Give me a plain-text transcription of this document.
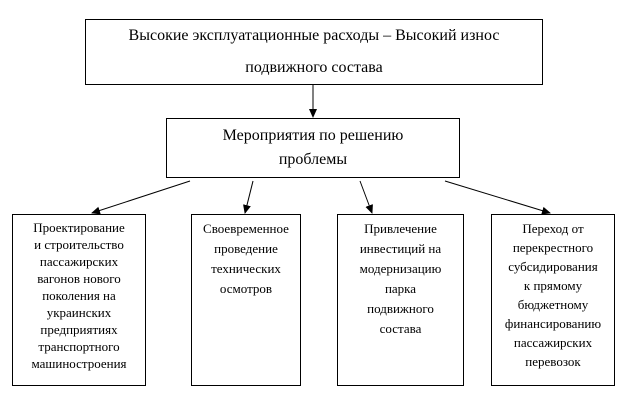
Высокие эксплуатационные расходы – Высокий износ
подвижного состава
Мероприятия по решению
проблемы
Проектирование
и строительство
пассажирских
вагонов нового
поколения на
украинских
предприятиях
транспортного
машиностроения
Своевременное
проведение
технических
осмотров
Привлечение
инвестиций на
модернизацию
парка
подвижного
состава
Переход от
перекрестного
субсидирования
к прямому
бюджетному
финансированию
пассажирских
перевозок
